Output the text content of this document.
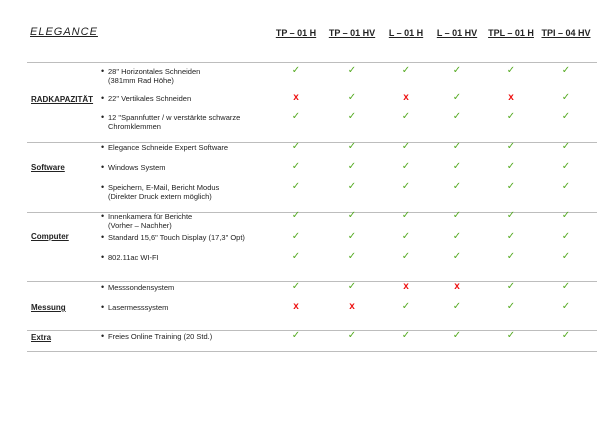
ELEGANCE	TP – 01 H TP – 01 HV L – 01 H L – 01 HV TPL – 01 H TPI – 04 HV
RADKAPAZITÄT
• 28" Horizontales Schneiden
(381mm Rad Höhe)
✓	✓	✓	✓	✓	✓
• 22" Vertikales Schneiden	x	✓	x	✓	x	✓
• 12 "Spannfutter / w verstärkte schwarze
Chromklemmen
✓	✓	✓	✓	✓	✓
Software
• Elegance Schneide Expert Software	✓	✓	✓	✓	✓	✓
• Windows System	✓	✓	✓	✓	✓	✓
• Speichern, E-Mail, Bericht Modus
(Direkter Druck extern möglich)
✓	✓	✓	✓	✓	✓
Computer
• Innenkamera für Berichte
(Vorher – Nachher)
✓	✓	✓	✓	✓	✓
• Standard 15,6" Touch Display (17,3" Opt)	✓	✓	✓	✓	✓	✓
• 802.11ac WI-FI	✓	✓	✓	✓	✓	✓
Messung
• Messsondensystem	✓	✓	x	x	✓	✓
• Lasermesssystem	x	x	✓	✓	✓	✓
Extra	• Freies Online Training (20 Std.)	✓	✓	✓	✓	✓	✓
